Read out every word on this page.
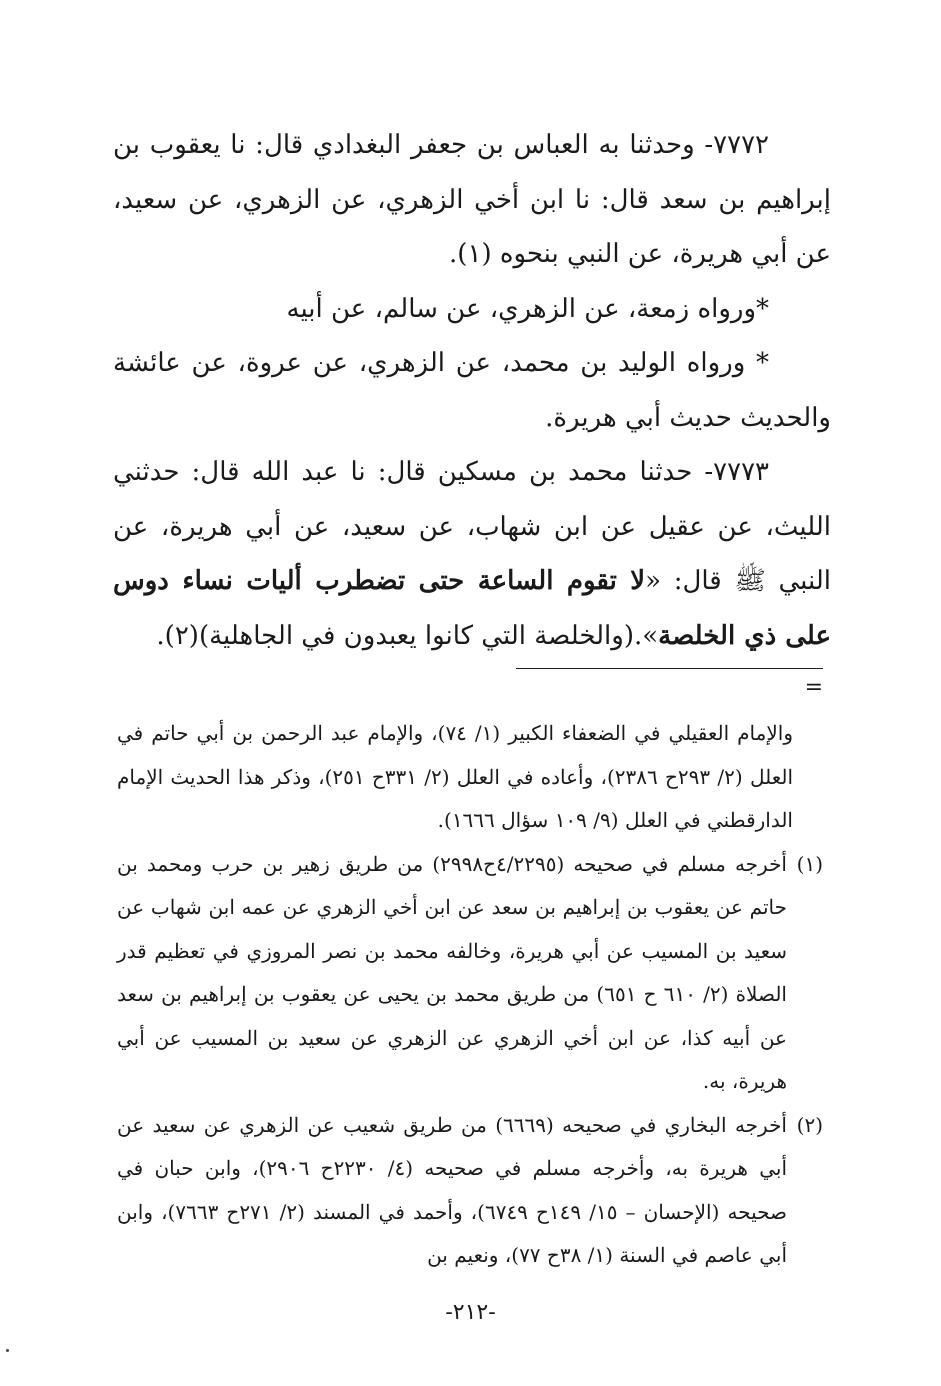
٧٧٧٢- وحدثنا به العباس بن جعفر البغدادي قال: نا يعقوب بن إبراهيم بن سعد قال: نا ابن أخي الزهري، عن الزهري، عن سعيد، عن أبي هريرة، عن النبي بنحوه (١).

*ورواه زمعة، عن الزهري، عن سالم، عن أبيه

* ورواه الوليد بن محمد، عن الزهري، عن عروة، عن عائشة والحديث حديث أبي هريرة.

٧٧٧٣- حدثنا محمد بن مسكين قال: نا عبد الله قال: حدثني الليث، عن عقيل عن ابن شهاب، عن سعيد، عن أبي هريرة، عن النبي ﷺ قال: «لا تقوم الساعة حتى تضطرب أليات نساء دوس على ذي الخلصة».(والخلصة التي كانوا يعبدون في الجاهلية)(٢).

=

والإمام العقيلي في الضعفاء الكبير (١/ ٧٤)، والإمام عبد الرحمن بن أبي حاتم في العلل (٢/ ٢٩٣ح ٢٣٨٦)، وأعاده في العلل (٢/ ٣٣١ح ٢٥١)، وذكر هذا الحديث الإمام الدارقطني في العلل (٩/ ١٠٩ سؤال ١٦٦٦).

(١)
أخرجه مسلم في صحيحه (٤/٢٢٩٥ح٢٩٩٨) من طريق زهير بن حرب ومحمد بن حاتم عن يعقوب بن إبراهيم بن سعد عن ابن أخي الزهري عن عمه ابن شهاب عن سعيد بن المسيب عن أبي هريرة، وخالفه محمد بن نصر المروزي في تعظيم قدر الصلاة (٢/ ٦١٠ ح ٦٥١) من طريق محمد بن يحيى عن يعقوب بن إبراهيم بن سعد عن أبيه كذا، عن ابن أخي الزهري عن الزهري عن سعيد بن المسيب عن أبي هريرة، به.
(٢)
أخرجه البخاري في صحيحه (٦٦٦٩) من طريق شعيب عن الزهري عن سعيد عن أبي هريرة به، وأخرجه مسلم في صحيحه (٤/ ٢٢٣٠ح ٢٩٠٦)، وابن حبان في صحيحه (الإحسان – ١٥/ ١٤٩ح ٦٧٤٩)، وأحمد في المسند (٢/ ٢٧١ح ٧٦٦٣)، وابن أبي عاصم في السنة (١/ ٣٨ح ٧٧)، ونعيم بن
-٢١٢-
